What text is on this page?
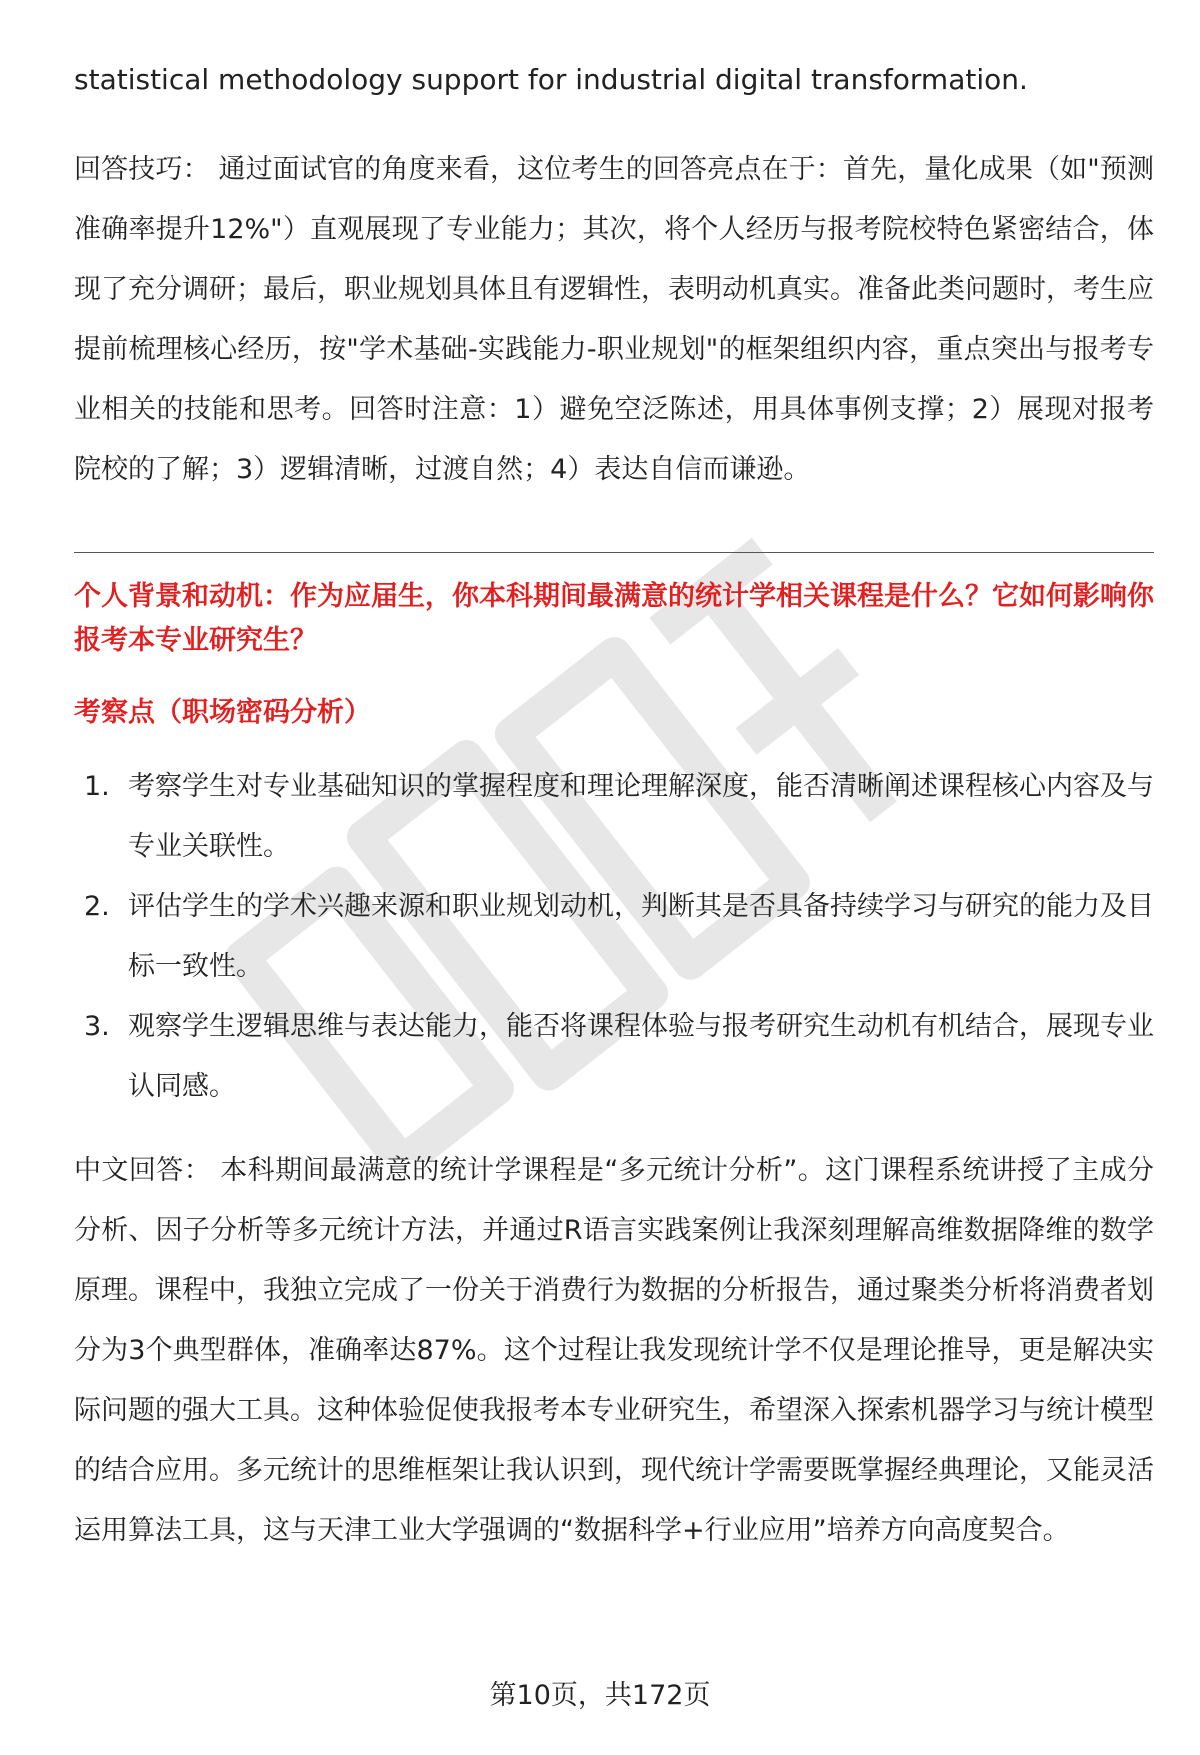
statistical methodology support for industrial digital transformation.

回答技巧： 通过面试官的角度来看，这位考生的回答亮点在于：首先，量化成果（如"预测准确率提升12%"）直观展现了专业能力；其次，将个人经历与报考院校特色紧密结合，体现了充分调研；最后，职业规划具体且有逻辑性，表明动机真实。准备此类问题时，考生应提前梳理核心经历，按"学术基础-实践能力-职业规划"的框架组织内容，重点突出与报考专业相关的技能和思考。回答时注意：1）避免空泛陈述，用具体事例支撑；2）展现对报考院校的了解；3）逻辑清晰，过渡自然；4）表达自信而谦逊。

个人背景和动机：作为应届生，你本科期间最满意的统计学相关课程是什么？它如何影响你报考本专业研究生？

考察点（职场密码分析）

1. 考察学生对专业基础知识的掌握程度和理论理解深度，能否清晰阐述课程核心内容及与专业关联性。
2. 评估学生的学术兴趣来源和职业规划动机，判断其是否具备持续学习与研究的能力及目标一致性。
3. 观察学生逻辑思维与表达能力，能否将课程体验与报考研究生动机有机结合，展现专业认同感。

中文回答： 本科期间最满意的统计学课程是“多元统计分析”。这门课程系统讲授了主成分分析、因子分析等多元统计方法，并通过R语言实践案例让我深刻理解高维数据降维的数学原理。课程中，我独立完成了一份关于消费行为数据的分析报告，通过聚类分析将消费者划分为3个典型群体，准确率达87%。这个过程让我发现统计学不仅是理论推导，更是解决实际问题的强大工具。这种体验促使我报考本专业研究生，希望深入探索机器学习与统计模型的结合应用。多元统计的思维框架让我认识到，现代统计学需要既掌握经典理论，又能灵活运用算法工具，这与天津工业大学强调的“数据科学+行业应用”培养方向高度契合。

第10页，共172页
